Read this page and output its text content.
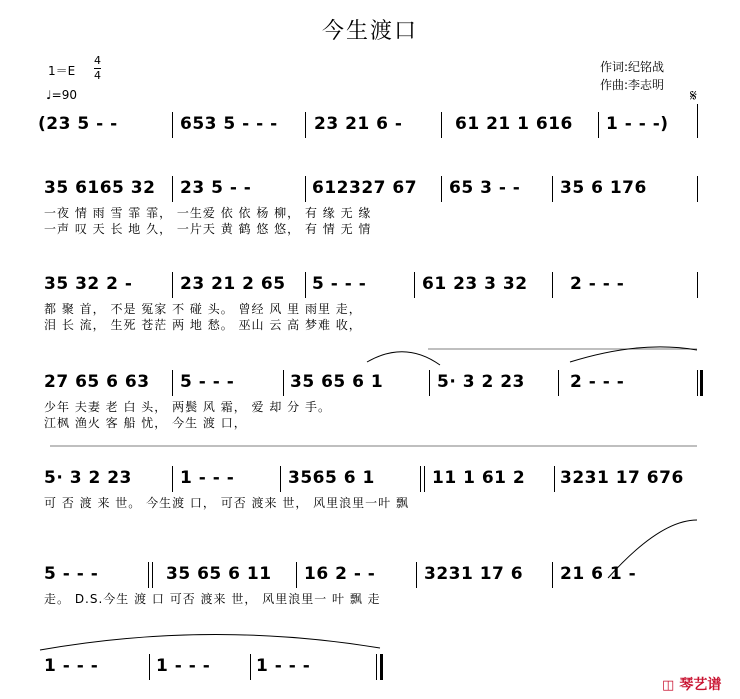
今生渡口
1＝E
4
4
♩=90
作词:纪铭战
作曲:李志明
𝄋
(23 5 - -	653 5 - - - 23 21 6 -	61 21 1 616 1 - - -)
35 6165 32 23 5 - -	612327 67 65 3 - - 35 6 176
一夜 情 雨 雪 霏 霏， 一生爱 依 依 杨 柳， 有 缘 无 缘
一声 叹 天 长 地 久， 一片天 黄 鹤 悠 悠， 有 情 无 情
35 32 2 -	23 21 2 65 5 - - -	61 23 3 32 2 - - -
都 聚 首， 不是 冤家 不 碰 头。 曾经 风 里 雨里 走，
泪 长 流， 生死 苍茫 两 地 愁。 巫山 云 高 梦难 收，
27 65 6 63 5 - - -	35 65 6 1	5· 3 2 23	2 - - -
少年 夫妻 老 白 头， 两鬓 风 霜， 爱 却 分 手。
江枫 渔火 客 船 忧， 今生 渡 口，
5· 3 2 23	1 - - -	3565 6 1	11 1 61 2 3231 17 676
可 否 渡 来 世。 今生渡 口， 可否 渡来 世， 风里浪里一叶 飘
5 - - -	35 65 6 11 16 2 - -	3231 17 6 21 6 1 -
走。 D.S.今生 渡 口 可否 渡来 世， 风里浪里一 叶 飘 走
1 - - -	1 - - -	1 - - -
◫ 琴艺谱
